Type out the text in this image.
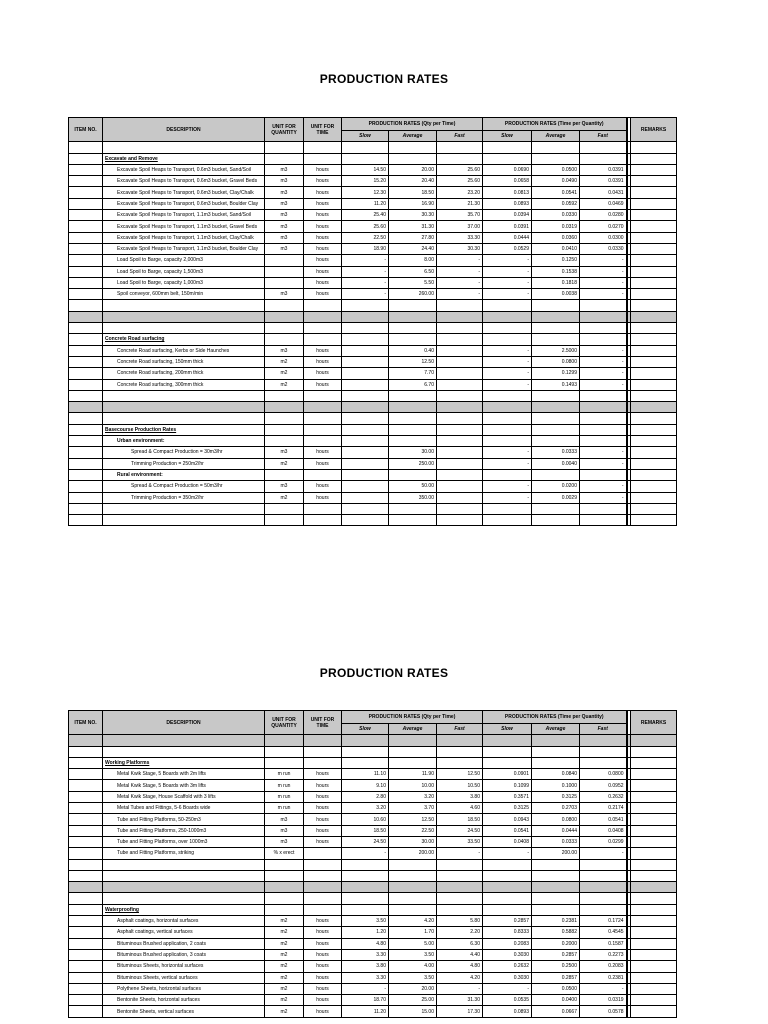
PRODUCTION RATES
ITEM NO.	DESCRIPTION	UNIT FOR QUANTITY	UNIT FOR TIME	PRODUCTION RATES (Qty per Time)			PRODUCTION RATES (Time per Quantity)				REMARKS
				Slow	Average	Fast	Slow	Average	Fast		

	Excavate and Remove										
	Excavate Spoil Heaps to Transport, 0.6m3 bucket, Sand/Soil	m3	hours	14.50	20.00	25.60	0.0690	0.0500	0.0391		
	Excavate Spoil Heaps to Transport, 0.6m3 bucket, Gravel Beds	m3	hours	15.20	20.40	25.60	0.0658	0.0490	0.0391		
	Excavate Spoil Heaps to Transport, 0.6m3 bucket, Clay/Chalk	m3	hours	12.30	18.50	23.20	0.0813	0.0541	0.0431		
	Excavate Spoil Heaps to Transport, 0.6m3 bucket, Boulder Clay	m3	hours	11.20	16.90	21.30	0.0893	0.0592	0.0469		
	Excavate Spoil Heaps to Transport, 1.1m3 bucket, Sand/Soil	m3	hours	25.40	30.30	35.70	0.0394	0.0330	0.0280		
	Excavate Spoil Heaps to Transport, 1.1m3 bucket, Gravel Beds	m3	hours	25.60	31.30	37.00	0.0391	0.0319	0.0270		
	Excavate Spoil Heaps to Transport, 1.1m3 bucket, Clay/Chalk	m3	hours	22.50	27.80	33.30	0.0444	0.0360	0.0300		
	Excavate Spoil Heaps to Transport, 1.1m3 bucket, Boulder Clay	m3	hours	18.90	24.40	30.30	0.0529	0.0410	0.0330		
	Load Spoil to Barge, capacity 2,000m3		hours	-	8.00	-	-	0.1250	-		
	Load Spoil to Barge, capacity 1,500m3		hours	-	6.50	-	-	0.1538	-		
	Load Spoil to Barge, capacity 1,000m3		hours	-	5.50	-	-	0.1818	-		
	Spoil conveyor, 600mm belt, 150m/min	m3	hours	-	260.00	-	-	0.0038	-		

	Concrete Road surfacing										
	Concrete Road surfacing, Kerbs or Side Haunches	m3	hours		0.40		-	2.5000	-		
	Concrete Road surfacing, 150mm thick	m2	hours		12.50		-	0.0800	-		
	Concrete Road surfacing, 200mm thick	m2	hours		7.70		-	0.1299	-		
	Concrete Road surfacing, 300mm thick	m2	hours		6.70		-	0.1493	-		

	Basecourse Production Rates										
	Urban environment:										
	Spread & Compact Production = 30m3/hr	m3	hours		30.00		-	0.0333	-		
	Trimming Production = 250m2/hr	m2	hours		250.00		-	0.0040	-		
	Rural environment:										
	Spread & Compact Production = 50m3/hr	m3	hours		50.00		-	0.0200	-		
	Trimming Production = 350m2/hr	m2	hours		350.00		-	0.0029	-		

PRODUCTION RATES
ITEM NO.	DESCRIPTION	UNIT FOR QUANTITY	UNIT FOR TIME	PRODUCTION RATES (Qty per Time)			PRODUCTION RATES (Time per Quantity)				REMARKS
				Slow	Average	Fast	Slow	Average	Fast		

	Working Platforms										
	Metal Kwik Stage, 5 Boards with 2m lifts	m run	hours	11.10	11.90	12.50	0.0901	0.0840	0.0800		
	Metal Kwik Stage, 5 Boards with 3m lifts	m run	hours	9.10	10.00	10.50	0.1099	0.1000	0.0952		
	Metal Kwik Stage, House Scaffold with 3 lifts	m run	hours	2.80	3.20	3.80	0.3571	0.3125	0.2632		
	Metal Tubes and Fittings, 5-6 Boards wide	m run	hours	3.20	3.70	4.60	0.3125	0.2703	0.2174		
	Tube and Fitting Platforms, 50-250m3	m3	hours	10.60	12.50	18.50	0.0943	0.0800	0.0541		
	Tube and Fitting Platforms, 250-1000m3	m3	hours	18.50	22.50	24.50	0.0541	0.0444	0.0408		
	Tube and Fitting Platforms, over 1000m3	m3	hours	24.50	30.00	33.50	0.0408	0.0333	0.0299		
	Tube and Fitting Platforms, striking	% x erect		-	200.00	-	-	200.00	-		

	Waterproofing										
	Asphalt coatings, horizontal surfaces	m2	hours	3.50	4.20	5.80	0.2857	0.2381	0.1724		
	Asphalt coatings, vertical surfaces	m2	hours	1.20	1.70	2.20	0.8333	0.5882	0.4545		
	Bituminous Brushed application, 2 coats	m2	hours	4.80	5.00	6.30	0.2083	0.2000	0.1587		
	Bituminous Brushed application, 3 coats	m2	hours	3.30	3.50	4.40	0.3030	0.2857	0.2273		
	Bituminous Sheets, horizontal surfaces	m2	hours	3.80	4.00	4.80	0.2632	0.2500	0.2083		
	Bituminous Sheets, vertical surfaces	m2	hours	3.30	3.50	4.20	0.3030	0.2857	0.2381		
	Polythene Sheets, horizontal surfaces	m2	hours	-	20.00	-	-	0.0500	-		
	Bentonite Sheets, horizontal surfaces	m2	hours	18.70	25.00	31.30	0.0535	0.0400	0.0319		
	Bentonite Sheets, vertical surfaces	m2	hours	11.20	15.00	17.30	0.0893	0.0667	0.0578		
